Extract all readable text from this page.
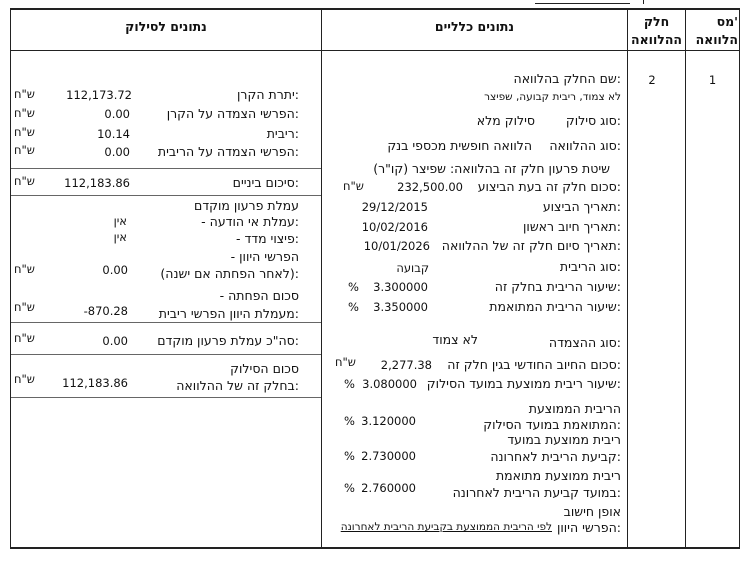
מס'
הלוואה
חלק
ההלוואה
נתונים כלליים
נתונים לסילוק
1
2
שם החלק בהלוואה:
לא צמוד, ריבית קבועה, שפיצר
סוג סילוק:
סילוק מלא
סוג ההלוואה:
הלוואה חופשית מכספי בנק
שיטת פרעון חלק זה בהלוואה: שפיצר (קו"ר)
סכום חלק זה בעת הביצוע:
232,500.00
ש"ח
תאריך הביצוע:
29/12/2015
תאריך חיוב ראשון:
10/02/2016
תאריך סיום חלק זה של ההלוואה:
10/01/2026
סוג הריבית:
קבועה
שיעור הריבית בחלק זה:
3.300000
%
שיעור הריבית המתואמת:
3.350000
%
סוג ההצמדה:
לא צמוד
סכום החיוב החודשי בגין חלק זה:
2,277.38
ש"ח
שיעור ריבית ממוצעת במועד הסילוק:
3.080000
%
הריבית הממוצעת
המתואמת במועד הסילוק:
3.120000
%
ריבית ממוצעת במועד
קביעת הריבית לאחרונה:
2.730000
%
ריבית ממוצעת מתואמת
במועד קביעת הריבית לאחרונה:
2.760000
%
אופן חישוב
הפרשי היוון:
לפי הריבית הממוצעת בקביעת הריבית לאחרונה
יתרת הקרן:
112,173.72
ש"ח
הפרשי הצמדה על הקרן:
0.00
ש"ח
ריבית:
10.14
ש"ח
הפרשי הצמדה על הריבית:
0.00
ש"ח
סיכום ביניים:
112,183.86
ש"ח
עמלת פרעון מוקדם
- עמלת אי הודעה:
אין
- פיצוי מדד:
אין
- הפרשי היוון
(לאחר הפחתה אם ישנה):
0.00
ש"ח
- סכום הפחתה
מעמלת היוון הפרשי ריבית:
-870.28
ש"ח
סה"כ עמלת פרעון מוקדם:
0.00
ש"ח
סכום הסילוק
בחלק זה של ההלוואה:
112,183.86
ש"ח
